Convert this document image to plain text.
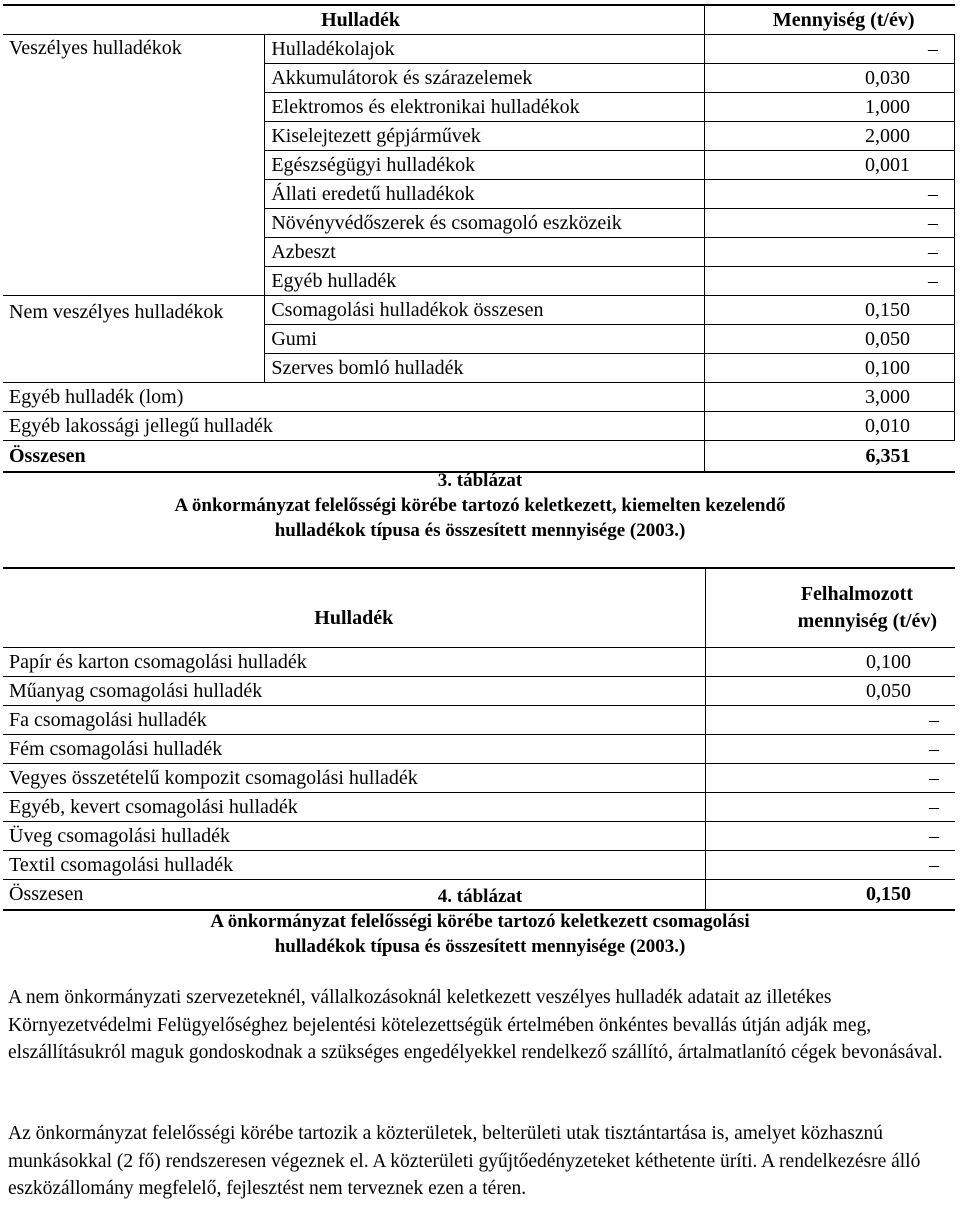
Hulladék		Mennyiség (t/év)
Veszélyes hulladékok	Hulladékolajok	–
	Akkumulátorok és szárazelemek	0,030
	Elektromos és elektronikai hulladékok	1,000
	Kiselejtezett gépjárművek	2,000
	Egészségügyi hulladékok	0,001
	Állati eredetű hulladékok	–
	Növényvédőszerek és csomagoló eszközeik	–
	Azbeszt	–
	Egyéb hulladék	–
Nem veszélyes hulladékok	Csomagolási hulladékok összesen	0,150
	Gumi	0,050
	Szerves bomló hulladék	0,100
Egyéb hulladék (lom)		3,000
Egyéb lakossági jellegű hulladék		0,010
Összesen		6,351
3. táblázat
A önkormányzat felelősségi körébe tartozó keletkezett, kiemelten kezelendő
hulladékok típusa és összesített mennyisége (2003.)
Hulladék	Felhalmozott
mennyiség (t/év)

Papír és karton csomagolási hulladék	0,100
Műanyag csomagolási hulladék	0,050
Fa csomagolási hulladék	–
Fém csomagolási hulladék	–
Vegyes összetételű kompozit csomagolási hulladék	–
Egyéb, kevert csomagolási hulladék	–
Üveg csomagolási hulladék	–
Textil csomagolási hulladék	–
Összesen	0,150
4. táblázat
A önkormányzat felelősségi körébe tartozó keletkezett csomagolási
hulladékok típusa és összesített mennyisége (2003.)

A nem önkormányzati szervezeteknél, vállalkozásoknál keletkezett veszélyes hulladék adatait az illetékes Környezetvédelmi Felügyelőséghez bejelentési kötelezettségük értelmében önkéntes bevallás útján adják meg, elszállításukról maguk gondoskodnak a szükséges engedélyekkel rendelkező szállító, ártalmatlanító cégek bevonásával.

Az önkormányzat felelősségi körébe tartozik a közterületek, belterületi utak tisztántartása is, amelyet közhasznú munkásokkal (2 fő) rendszeresen végeznek el. A közterületi gyűjtőedényzeteket kéthetente üríti. A rendelkezésre álló eszközállomány megfelelő, fejlesztést nem terveznek ezen a téren.
